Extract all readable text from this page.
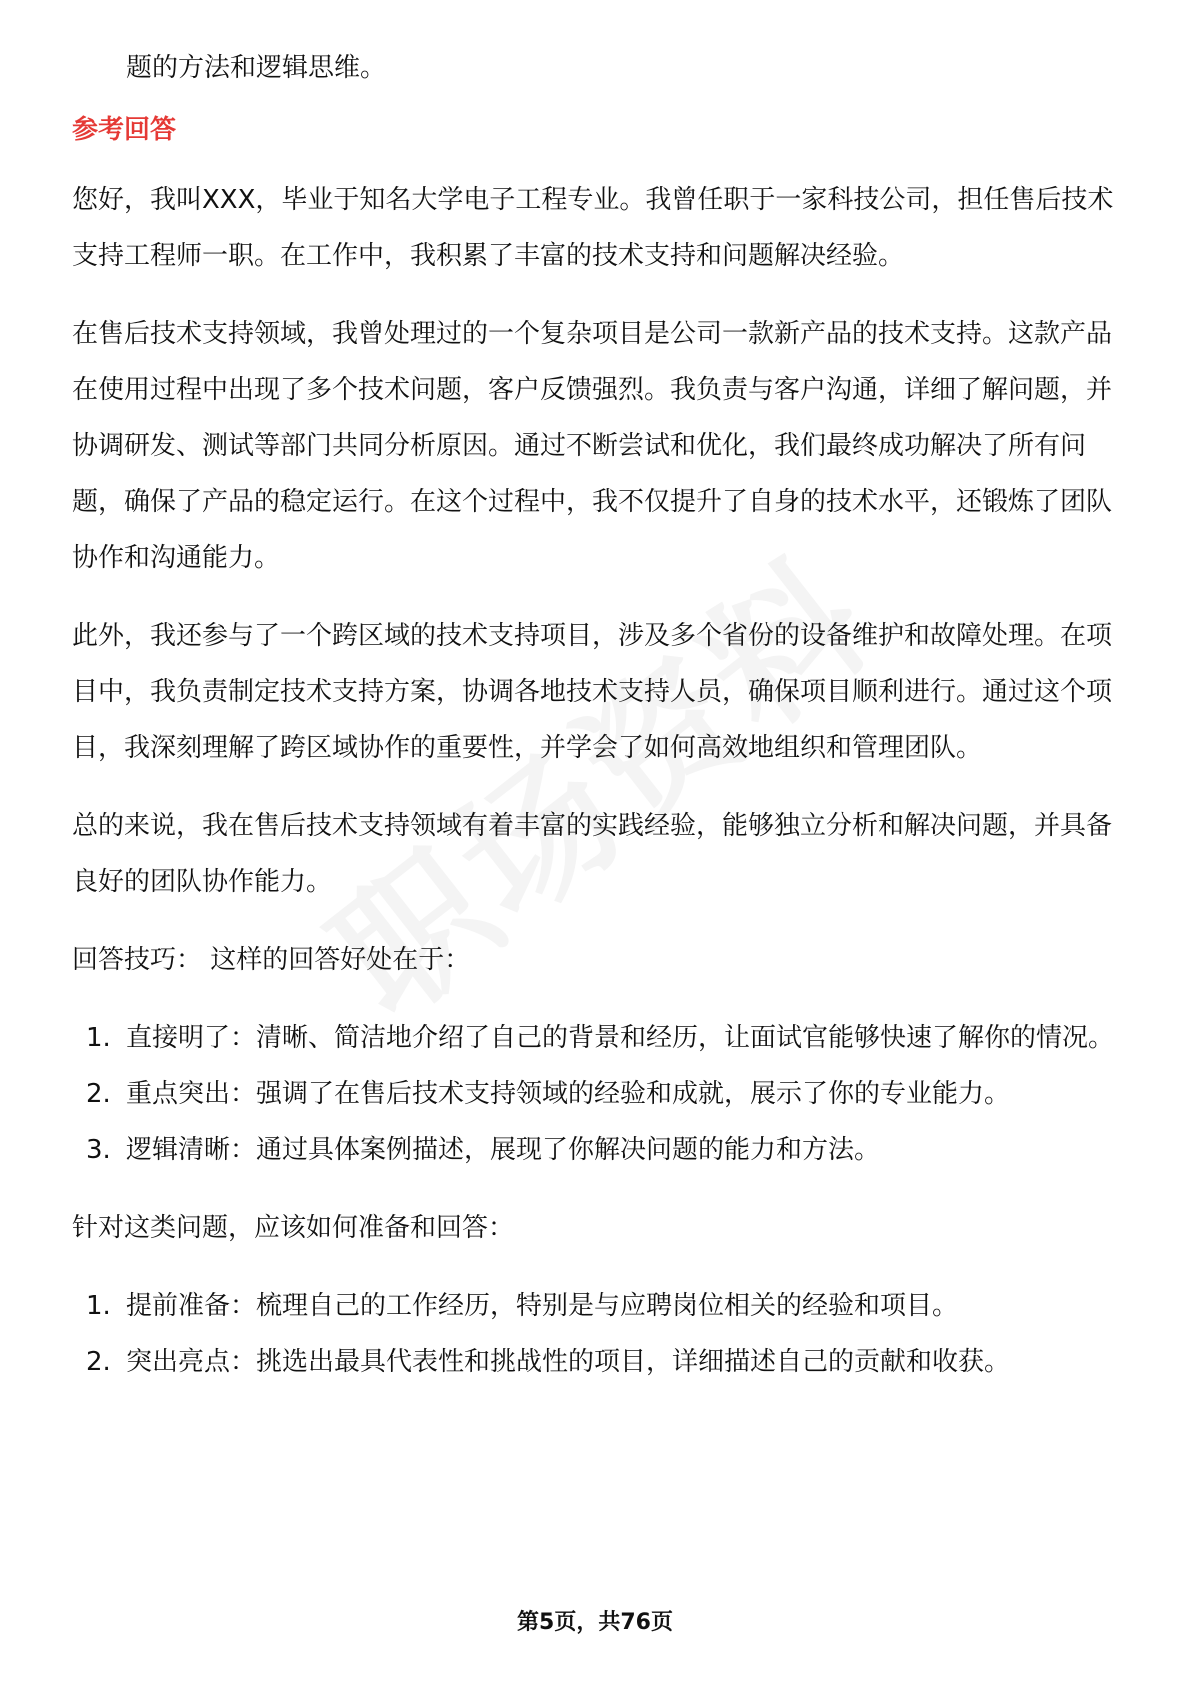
题的方法和逻辑思维。

参考回答

您好，我叫XXX，毕业于知名大学电子工程专业。我曾任职于一家科技公司，担任售后技术支持工程师一职。在工作中，我积累了丰富的技术支持和问题解决经验。

在售后技术支持领域，我曾处理过的一个复杂项目是公司一款新产品的技术支持。这款产品在使用过程中出现了多个技术问题，客户反馈强烈。我负责与客户沟通，详细了解问题，并协调研发、测试等部门共同分析原因。通过不断尝试和优化，我们最终成功解决了所有问题，确保了产品的稳定运行。在这个过程中，我不仅提升了自身的技术水平，还锻炼了团队协作和沟通能力。

此外，我还参与了一个跨区域的技术支持项目，涉及多个省份的设备维护和故障处理。在项目中，我负责制定技术支持方案，协调各地技术支持人员，确保项目顺利进行。通过这个项目，我深刻理解了跨区域协作的重要性，并学会了如何高效地组织和管理团队。

总的来说，我在售后技术支持领域有着丰富的实践经验，能够独立分析和解决问题，并具备良好的团队协作能力。

回答技巧： 这样的回答好处在于：

1. 直接明了：清晰、简洁地介绍了自己的背景和经历，让面试官能够快速了解你的情况。
2. 重点突出：强调了在售后技术支持领域的经验和成就，展示了你的专业能力。
3. 逻辑清晰：通过具体案例描述，展现了你解决问题的能力和方法。

针对这类问题，应该如何准备和回答：

1. 提前准备：梳理自己的工作经历，特别是与应聘岗位相关的经验和项目。
2. 突出亮点：挑选出最具代表性和挑战性的项目，详细描述自己的贡献和收获。
第5页，共76页
